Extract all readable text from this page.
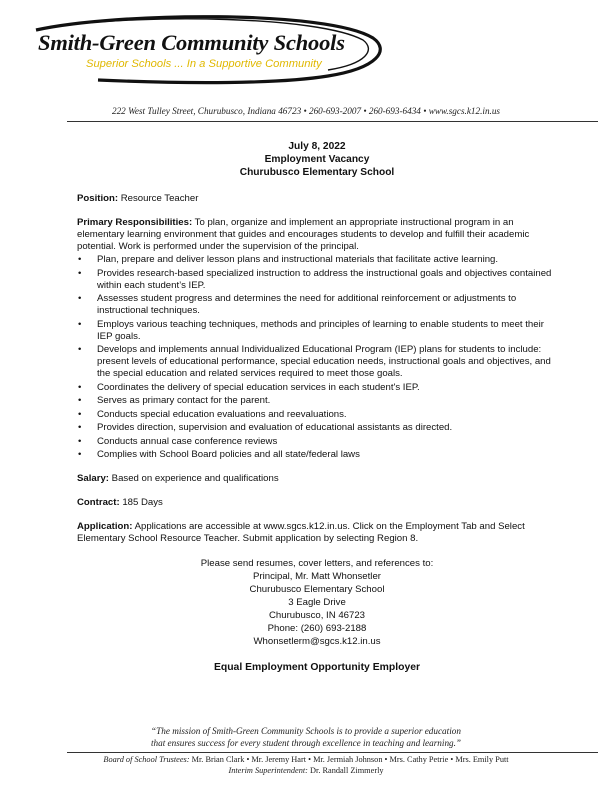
Smith-Green Community Schools
Superior Schools ... In a Supportive Community
222 West Tulley Street, Churubusco, Indiana 46723 • 260-693-2007 • 260-693-6434 • www.sgcs.k12.in.us
July 8, 2022
Employment Vacancy
Churubusco Elementary School

Position: Resource Teacher

Primary Responsibilities: To plan, organize and implement an appropriate instructional program in an elementary learning environment that guides and encourages students to develop and fulfill their academic potential. Work is performed under the supervision of the principal.

• Plan, prepare and deliver lesson plans and instructional materials that facilitate active learning.
• Provides research-based specialized instruction to address the instructional goals and objectives contained within each student’s IEP.
• Assesses student progress and determines the need for additional reinforcement or adjustments to instructional techniques.
• Employs various teaching techniques, methods and principles of learning to enable students to meet their IEP goals.
• Develops and implements annual Individualized Educational Program (IEP) plans for students to include: present levels of educational performance, special education needs, instructional goals and objectives, and the special education and related services required to meet those goals.
• Coordinates the delivery of special education services in each student's IEP.
• Serves as primary contact for the parent.
• Conducts special education evaluations and reevaluations.
• Provides direction, supervision and evaluation of educational assistants as directed.
• Conducts annual case conference reviews
• Complies with School Board policies and all state/federal laws

Salary: Based on experience and qualifications

Contract: 185 Days

Application: Applications are accessible at www.sgcs.k12.in.us. Click on the Employment Tab and Select Elementary School Resource Teacher. Submit application by selecting Region 8.

Please send resumes, cover letters, and references to:
Principal, Mr. Matt Whonsetler
Churubusco Elementary School
3 Eagle Drive
Churubusco, IN 46723
Phone: (260) 693-2188
Whonsetlerm@sgcs.k12.in.us
Equal Employment Opportunity Employer
“The mission of Smith-Green Community Schools is to provide a superior education
that ensures success for every student through excellence in teaching and learning.”
Board of School Trustees: Mr. Brian Clark • Mr. Jeremy Hart • Mr. Jermiah Johnson • Mrs. Cathy Petrie • Mrs. Emily Putt
Interim Superintendent: Dr. Randall Zimmerly
